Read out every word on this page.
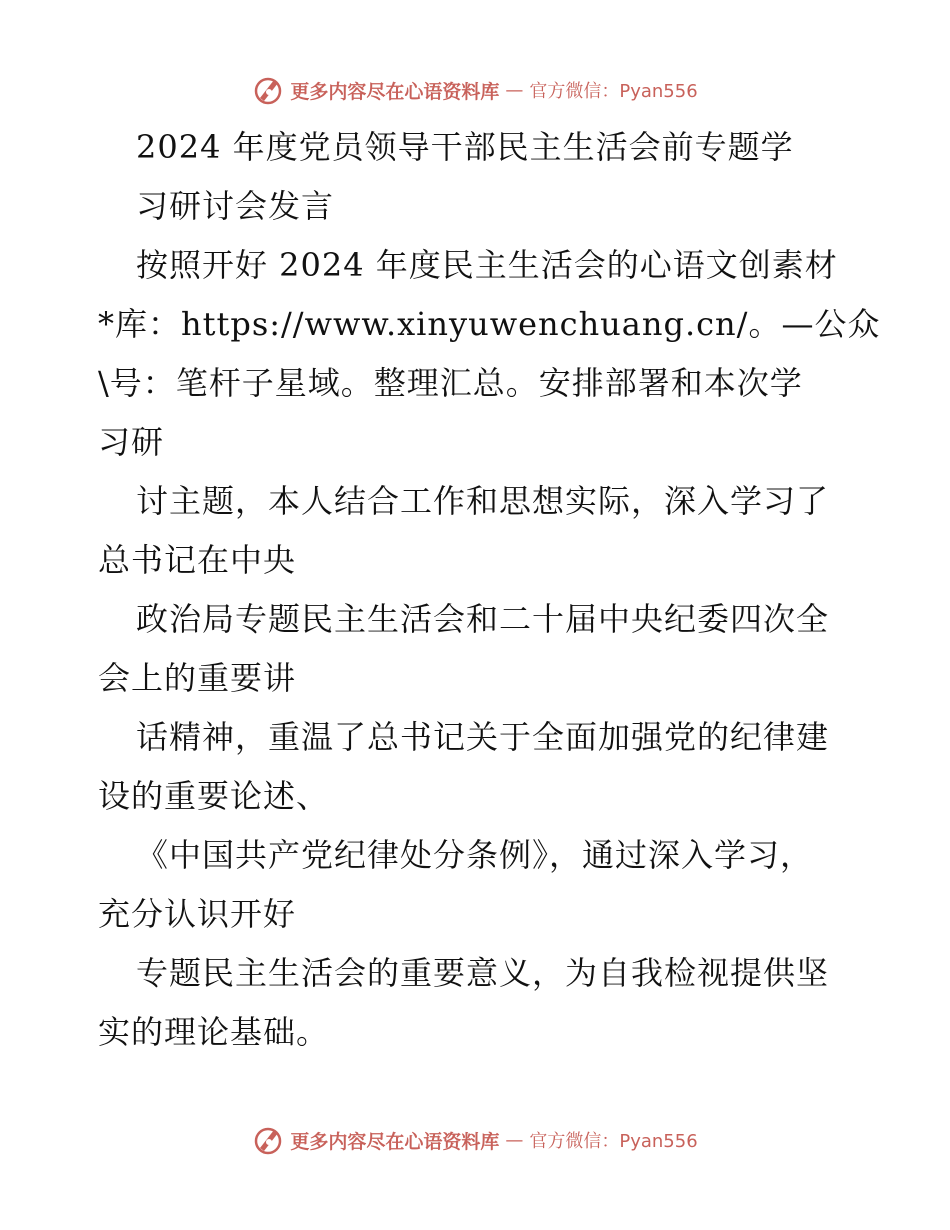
更多内容尽在心语资料库 — 官方微信：Pyan556
2024 年度党员领导干部民主生活会前专题学
习研讨会发言
按照开好 2024 年度民主生活会的心语文创素材
*库：https://www.xinyuwenchuang.cn/。—公众
\号：笔杆子星域。整理汇总。安排部署和本次学
习研
讨主题，本人结合工作和思想实际，深入学习了
总书记在中央
政治局专题民主生活会和二十届中央纪委四次全
会上的重要讲
话精神，重温了总书记关于全面加强党的纪律建
设的重要论述、
《中国共产党纪律处分条例》，通过深入学习，
充分认识开好
专题民主生活会的重要意义，为自我检视提供坚
实的理论基础。
更多内容尽在心语资料库 — 官方微信：Pyan556
